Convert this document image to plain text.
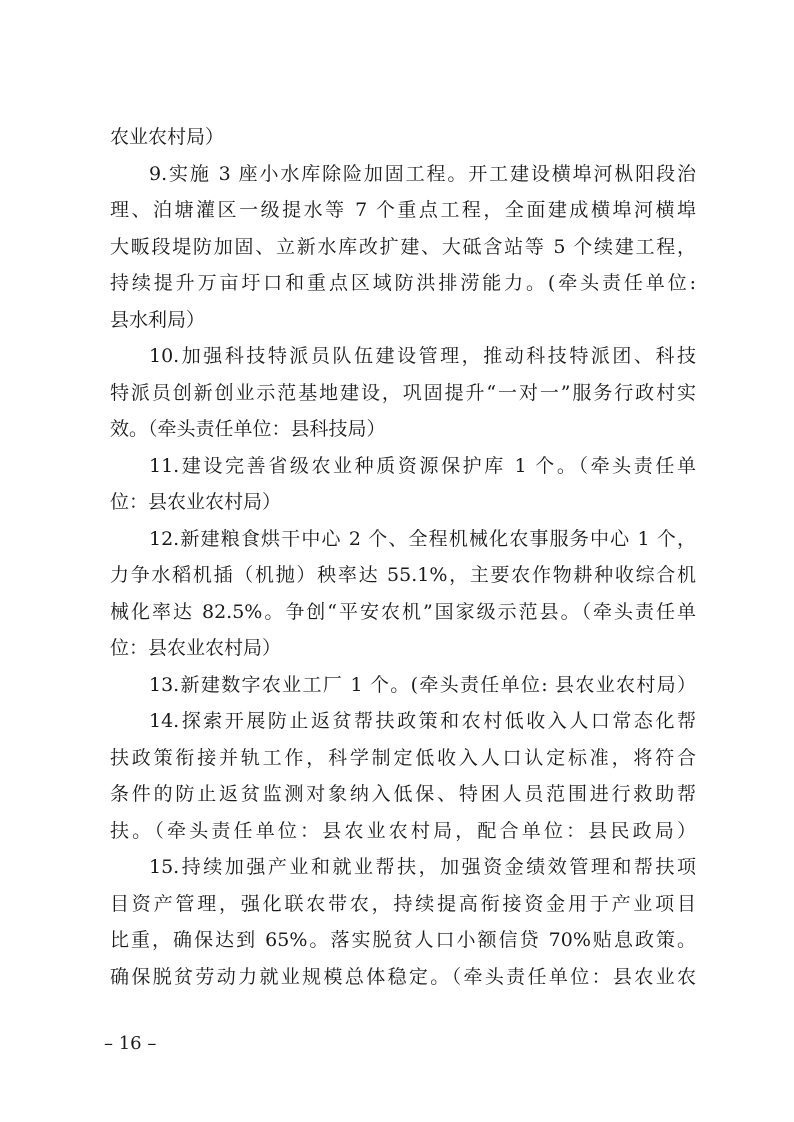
农业农村局）
9.实施 3 座小水库除险加固工程。开工建设横埠河枞阳段治
理、泊塘灌区一级提水等 7 个重点工程，全面建成横埠河横埠
大畈段堤防加固、立新水库改扩建、大砥含站等 5 个续建工程，
持续提升万亩圩口和重点区域防洪排涝能力。(牵头责任单位:
县水利局）
10.加强科技特派员队伍建设管理，推动科技特派团、科技
特派员创新创业示范基地建设，巩固提升“一对一”服务行政村实
效。（牵头责任单位：县科技局）
11.建设完善省级农业种质资源保护库 1 个。（牵头责任单
位：县农业农村局）
12.新建粮食烘干中心 2 个、全程机械化农事服务中心 1 个，
力争水稻机插（机抛）秧率达 55.1%，主要农作物耕种收综合机
械化率达 82.5%。争创“平安农机”国家级示范县。（牵头责任单
位：县农业农村局）
13.新建数字农业工厂 1 个。(牵头责任单位: 县农业农村局）
14.探索开展防止返贫帮扶政策和农村低收入人口常态化帮
扶政策衔接并轨工作，科学制定低收入人口认定标准，将符合
条件的防止返贫监测对象纳入低保、特困人员范围进行救助帮
扶。（牵头责任单位：县农业农村局，配合单位：县民政局）
15.持续加强产业和就业帮扶，加强资金绩效管理和帮扶项
目资产管理，强化联农带农，持续提高衔接资金用于产业项目
比重，确保达到 65%。落实脱贫人口小额信贷 70%贴息政策。
确保脱贫劳动力就业规模总体稳定。（牵头责任单位：县农业农
– 16 –
